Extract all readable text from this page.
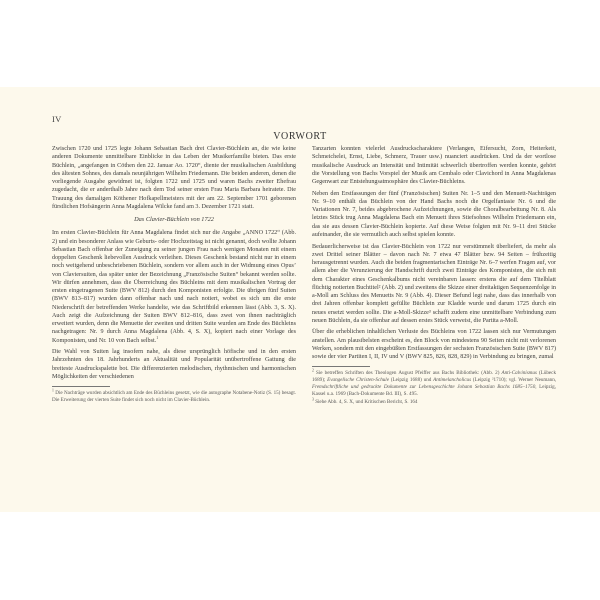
IV
VORWORT

Zwischen 1720 und 1725 legte Johann Sebastian Bach drei Clavier-Büchlein an, die wie keine anderen Dokumente unmittelbare Einblicke in das Leben der Musikerfamilie bieten. Das erste Büchlein, „angefangen in Cöthen den 22. Januar Ao. 1720“, diente der musikalischen Ausbildung des ältesten Sohnes, des damals neunjährigen Wilhelm Friedemann. Die beiden anderen, denen die vorliegende Ausgabe gewidmet ist, folgten 1722 und 1725 und waren Bachs zweiter Ehefrau zugedacht, die er anderthalb Jahre nach dem Tod seiner ersten Frau Maria Barbara heiratete. Die Trauung des damaligen Köthener Hofkapellmeisters mit der am 22. September 1701 geborenen fürstlichen Hofsängerin Anna Magdalena Wilcke fand am 3. Dezember 1721 statt.

Das Clavier-Büchlein von 1722

Im ersten Clavier-Büchlein für Anna Magdalena findet sich nur die Angabe „ANNO 1722“ (Abb. 2) und ein besonderer Anlass wie Geburts- oder Hochzeitstag ist nicht genannt, doch wollte Johann Sebastian Bach offenbar der Zuneigung zu seiner jungen Frau nach wenigen Monaten mit einem doppelten Geschenk liebevollen Ausdruck verleihen. Dieses Geschenk bestand nicht nur in einem noch weitgehend unbeschriebenen Büchlein, sondern vor allem auch in der Widmung eines Opus’ von Claviersuiten, das später unter der Bezeichnung „Französische Suiten“ bekannt werden sollte. Wir dürfen annehmen, dass die Überreichung des Büchleins mit dem musikalischen Vortrag der ersten eingetragenen Suite (BWV 812) durch den Komponisten erfolgte. Die übrigen fünf Suiten (BWV 813–817) wurden dann offenbar nach und nach notiert, wobei es sich um die erste Niederschrift der betreffenden Werke handelte, wie das Schriftbild erkennen lässt (Abb. 3, S. X). Auch zeigt die Aufzeichnung der Suiten BWV 812–816, dass zwei von ihnen nachträglich erweitert wurden, denn die Menuette der zweiten und dritten Suite wurden am Ende des Büchleins nachgetragen: Nr. 9 durch Anna Magdalena (Abb. 4, S. X), kopiert nach einer Vorlage des Komponisten, und Nr. 10 von Bach selbst.$^1$

Die Wahl von Suiten lag insofern nahe, als diese ursprünglich höfische und in den ersten Jahrzehnten des 18. Jahrhunderts an Aktualität und Popularität unübertroffene Gattung die breiteste Ausdruckspalette bot. Die differenzierten melodischen, rhythmischen und harmonischen Möglichkeiten der verschiedenen

$^1$ Die Nachträge wurden absichtlich am Ende des Büchleins gesetzt, wie die autographe Notabene-Notiz (S. 15) besagt. Die Erweiterung der vierten Suite findet sich noch nicht im Clavier-Büchlein.

Tanzarten konnten vielerlei Ausdruckscharaktere (Verlangen, Eifersucht, Zorn, Heiterkeit, Schmeichelei, Ernst, Liebe, Schmerz, Trauer usw.) nuanciert ausdrücken. Und da der wortlose musikalische Ausdruck an Intensität und Intimität schwerlich übertroffen werden konnte, gehört die Vorstellung von Bachs Vorspiel der Musik am Cembalo oder Clavichord in Anna Magdalenas Gegenwart zur Entstehungsatmosphäre des Clavier-Büchleins.

Neben den Erstfassungen der fünf (Französischen) Suiten Nr. 1–5 und den Menuett-Nachträgen Nr. 9–10 enthält das Büchlein von der Hand Bachs noch die Orgelfantasie Nr. 6 und die Variationen Nr. 7, beides abgebrochene Aufzeichnungen, sowie die Choralbearbeitung Nr. 8. Als letztes Stück trug Anna Magdalena Bach ein Menuett ihres Stiefsohnes Wilhelm Friedemann ein, das sie aus dessen Clavier-Büchlein kopierte. Auf diese Weise folgten mit Nr. 9–11 drei Stücke aufeinander, die sie vermutlich auch selbst spielen konnte.

Bedauerlicherweise ist das Clavier-Büchlein von 1722 nur verstümmelt überliefert, da mehr als zwei Drittel seiner Blätter – davon nach Nr. 7 etwa 47 Blätter bzw. 94 Seiten – frühzeitig herausgetrennt wurden. Auch die beiden fragmentarischen Einträge Nr. 6–7 werfen Fragen auf, vor allem aber die Verunzierung der Handschrift durch zwei Einträge des Komponisten, die sich mit dem Charakter eines Geschenkalbums nicht vereinbaren lassen: erstens die auf dem Titelblatt flüchtig notierten Buchtitel² (Abb. 2) und zweitens die Skizze einer dreitaktigen Sequenzenfolge in a-Moll am Schluss des Menuetts Nr. 9 (Abb. 4). Dieser Befund legt nahe, dass das innerhalb von drei Jahren offenbar komplett gefüllte Büchlein zur Kladde wurde und darum 1725 durch ein neues ersetzt werden sollte. Die a-Moll-Skizze³ schafft zudem eine unmittelbare Verbindung zum neuen Büchlein, da sie offenbar auf dessen erstes Stück verweist, die Partita a-Moll.

Über die erheblichen inhaltlichen Verluste des Büchleins von 1722 lassen sich nur Vermutungen anstellen. Am plausibelsten erscheint es, den Block von mindestens 90 Seiten nicht mit verlorenen Werken, sondern mit den eingebüßten Erstfassungen der sechsten Französischen Suite (BWV 817) sowie der vier Partiten I, II, IV und V (BWV 825, 826, 828, 829) in Verbindung zu bringen, zumal

$^2$ Sie betreffen Schriften des Theologen August Pfeiffer aus Bachs Bibliothek: (Abb. 2) Anti-Calvinismus (Lübeck 1689); Evangelische Christen-Schule (Leipzig 1688) und Antimelancholicus (Leipzig ²1710); vgl. Werner Neumann, Fremdschriftliche und gedruckte Dokumente zur Lebensgeschichte Johann Sebastian Bachs 1685–1750, Leipzig, Kassel u.a. 1969 (Bach-Dokumente Bd. III), S. 495.

$^3$ Siehe Abb. 4, S. X, und Kritischen Bericht, S. 164
